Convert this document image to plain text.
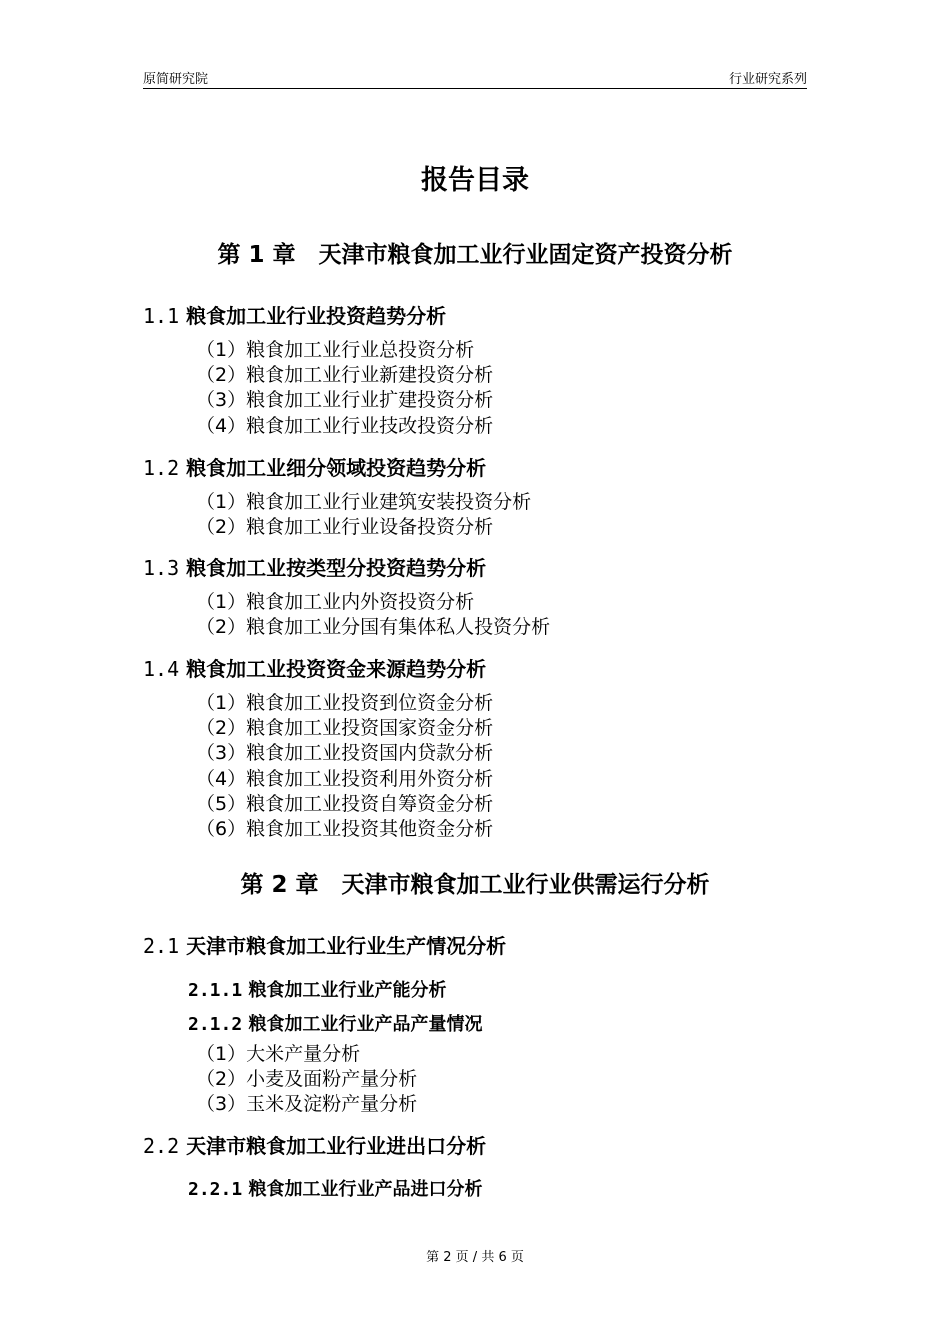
原简研究院	行业研究系列
报告目录
第 1 章　 天津市粮食加工业行业固定资产投资分析
1.1 粮食加工业行业投资趋势分析
（1）粮食加工业行业总投资分析
（2）粮食加工业行业新建投资分析
（3）粮食加工业行业扩建投资分析
（4）粮食加工业行业技改投资分析
1.2 粮食加工业细分领域投资趋势分析
（1）粮食加工业行业建筑安装投资分析
（2）粮食加工业行业设备投资分析
1.3 粮食加工业按类型分投资趋势分析
（1）粮食加工业内外资投资分析
（2）粮食加工业分国有集体私人投资分析
1.4 粮食加工业投资资金来源趋势分析
（1）粮食加工业投资到位资金分析
（2）粮食加工业投资国家资金分析
（3）粮食加工业投资国内贷款分析
（4）粮食加工业投资利用外资分析
（5）粮食加工业投资自筹资金分析
（6）粮食加工业投资其他资金分析
第 2 章　 天津市粮食加工业行业供需运行分析
2.1 天津市粮食加工业行业生产情况分析
2.1.1 粮食加工业行业产能分析
2.1.2 粮食加工业行业产品产量情况
（1）大米产量分析
（2）小麦及面粉产量分析
（3）玉米及淀粉产量分析
2.2 天津市粮食加工业行业进出口分析
2.2.1 粮食加工业行业产品进口分析
第 2 页 / 共 6 页
